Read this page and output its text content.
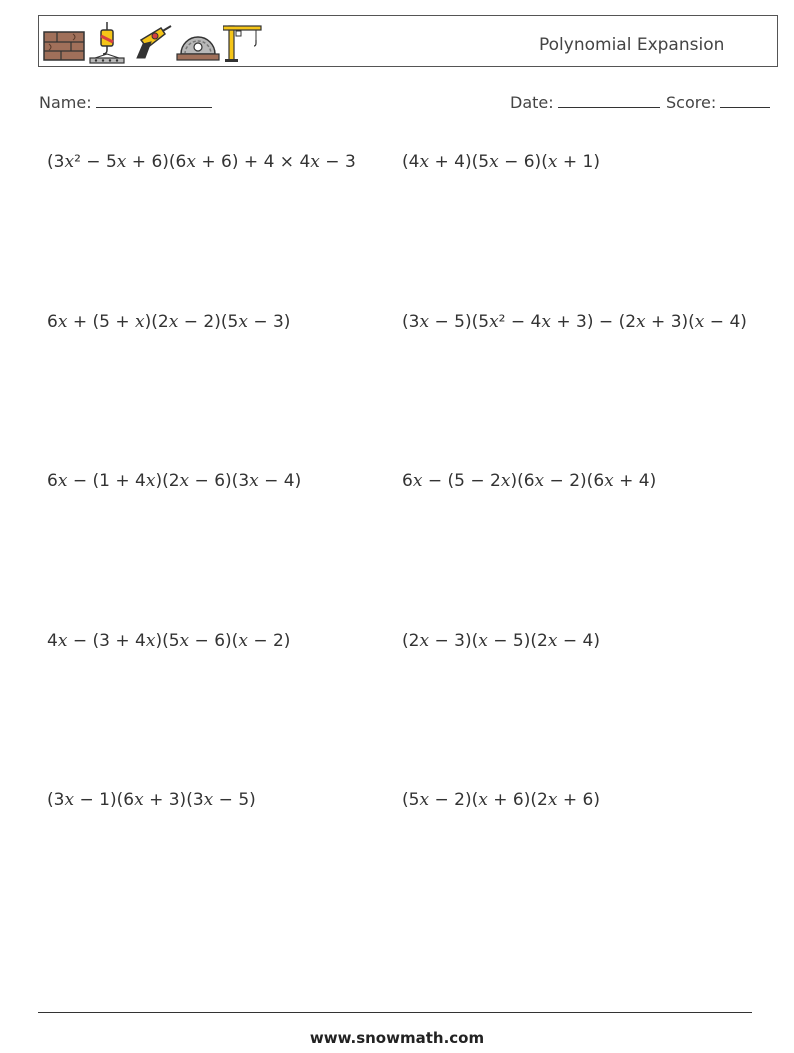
Polynomial Expansion
Name:	Date:	Score:
(3x² − 5x + 6)(6x + 6) + 4 × 4x − 3	(4x + 4)(5x − 6)(x + 1)
6x + (5 + x)(2x − 2)(5x − 3)	(3x − 5)(5x² − 4x + 3) − (2x + 3)(x − 4)
6x − (1 + 4x)(2x − 6)(3x − 4)	6x − (5 − 2x)(6x − 2)(6x + 4)
4x − (3 + 4x)(5x − 6)(x − 2)	(2x − 3)(x − 5)(2x − 4)
(3x − 1)(6x + 3)(3x − 5)	(5x − 2)(x + 6)(2x + 6)
www.snowmath.com
